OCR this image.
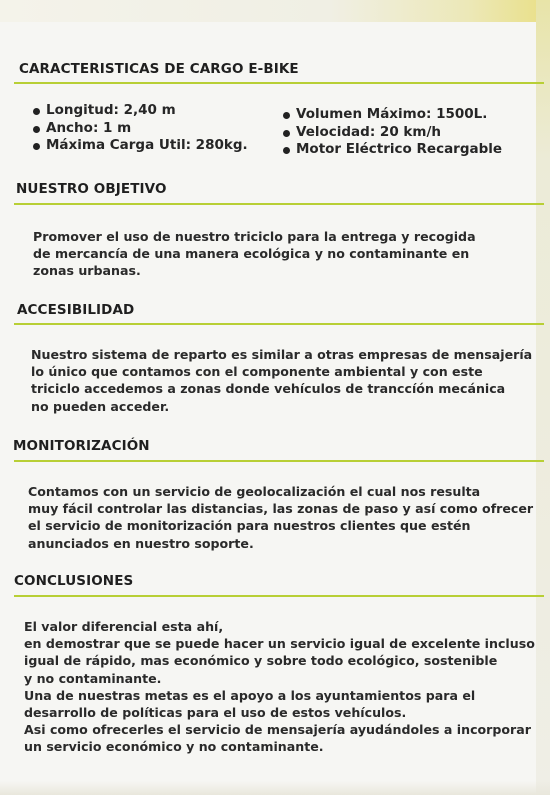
CARACTERISTICAS DE CARGO E-BIKE
Longitud: 2,40 m
Ancho: 1 m
Máxima Carga Util: 280kg.
Volumen Máximo: 1500L.
Velocidad: 20 km/h
Motor Eléctrico Recargable
NUESTRO OBJETIVO
Promover el uso de nuestro triciclo para la entrega y recogida
de mercancía de una manera ecológica y no contaminante en
zonas urbanas.
ACCESIBILIDAD
Nuestro sistema de reparto es similar a otras empresas de mensajería
lo único que contamos con el componente ambiental y con este
triciclo accedemos a zonas donde vehículos de tranccíón mecánica
no pueden acceder.
MONITORIZACIÓN
Contamos con un servicio de geolocalización el cual nos resulta
muy fácil controlar las distancias, las zonas de paso y así como ofrecer
el servicio de monitorización para nuestros clientes que estén
anunciados en nuestro soporte.
CONCLUSIONES
El valor diferencial esta ahí,
en demostrar que se puede hacer un servicio igual de excelente incluso
igual de rápido, mas económico y sobre todo ecológico, sostenible
y no contaminante.
Una de nuestras metas es el apoyo a los ayuntamientos para el
desarrollo de políticas para el uso de estos vehículos.
Asi como ofrecerles el servicio de mensajería ayudándoles a incorporar
un servicio económico y no contaminante.
